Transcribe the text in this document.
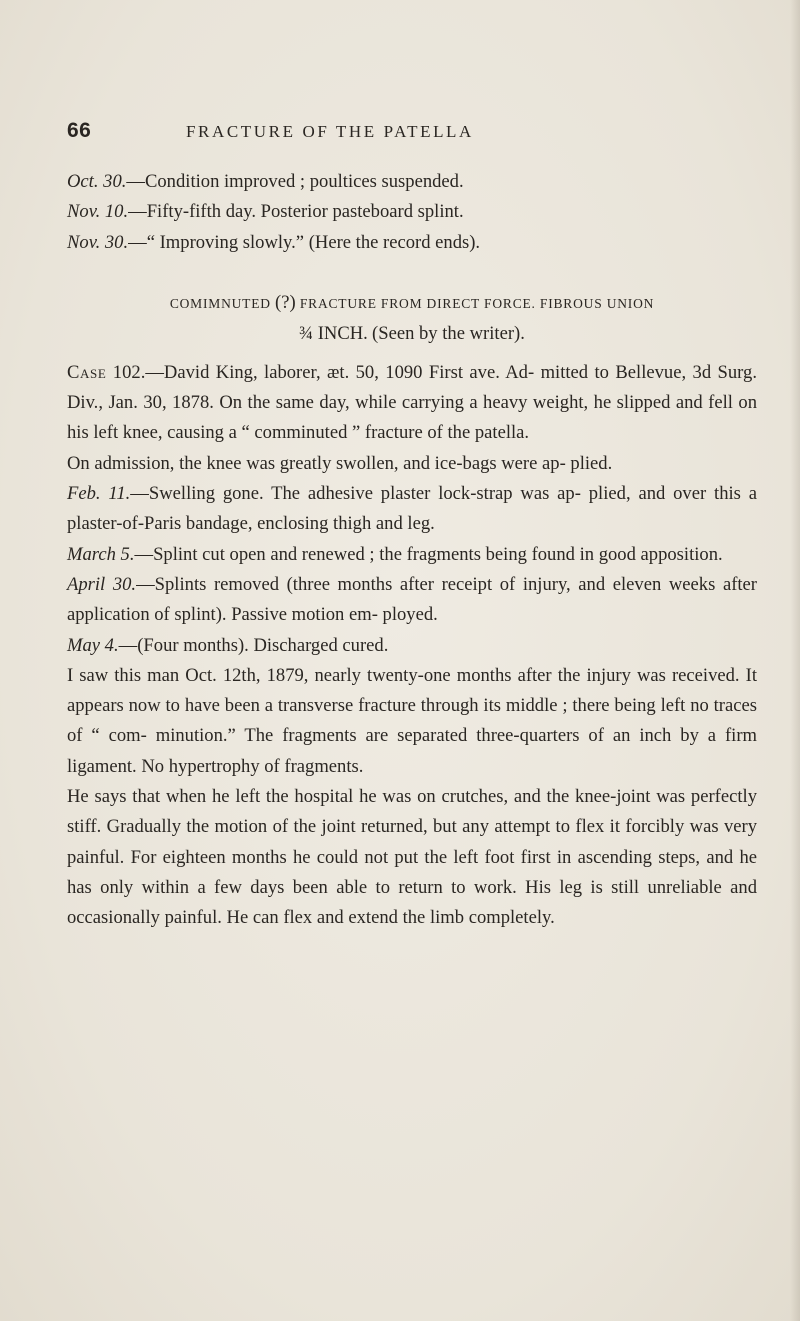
66	FRACTURE OF THE PATELLA

Oct. 30.—Condition improved ; poultices suspended.

Nov. 10.—Fifty-fifth day. Posterior pasteboard splint.

Nov. 30.—“ Improving slowly.” (Here the record ends).

COMIMNUTED (?) FRACTURE FROM DIRECT FORCE. FIBROUS UNION
¾ INCH. (Seen by the writer).

Case 102.—David King, laborer, æt. 50, 1090 First ave. Ad- mitted to Bellevue, 3d Surg. Div., Jan. 30, 1878. On the same day, while carrying a heavy weight, he slipped and fell on his left knee, causing a “ comminuted ” fracture of the patella.

On admission, the knee was greatly swollen, and ice-bags were ap- plied.

Feb. 11.—Swelling gone. The adhesive plaster lock-strap was ap- plied, and over this a plaster-of-Paris bandage, enclosing thigh and leg.

March 5.—Splint cut open and renewed ; the fragments being found in good apposition.

April 30.—Splints removed (three months after receipt of injury, and eleven weeks after application of splint). Passive motion em- ployed.

May 4.—(Four months). Discharged cured.

I saw this man Oct. 12th, 1879, nearly twenty-one months after the injury was received. It appears now to have been a transverse fracture through its middle ; there being left no traces of “ com- minution.” The fragments are separated three-quarters of an inch by a firm ligament. No hypertrophy of fragments.

He says that when he left the hospital he was on crutches, and the knee-joint was perfectly stiff. Gradually the motion of the joint returned, but any attempt to flex it forcibly was very painful. For eighteen months he could not put the left foot first in ascending steps, and he has only within a few days been able to return to work. His leg is still unreliable and occasionally painful. He can flex and extend the limb completely.
